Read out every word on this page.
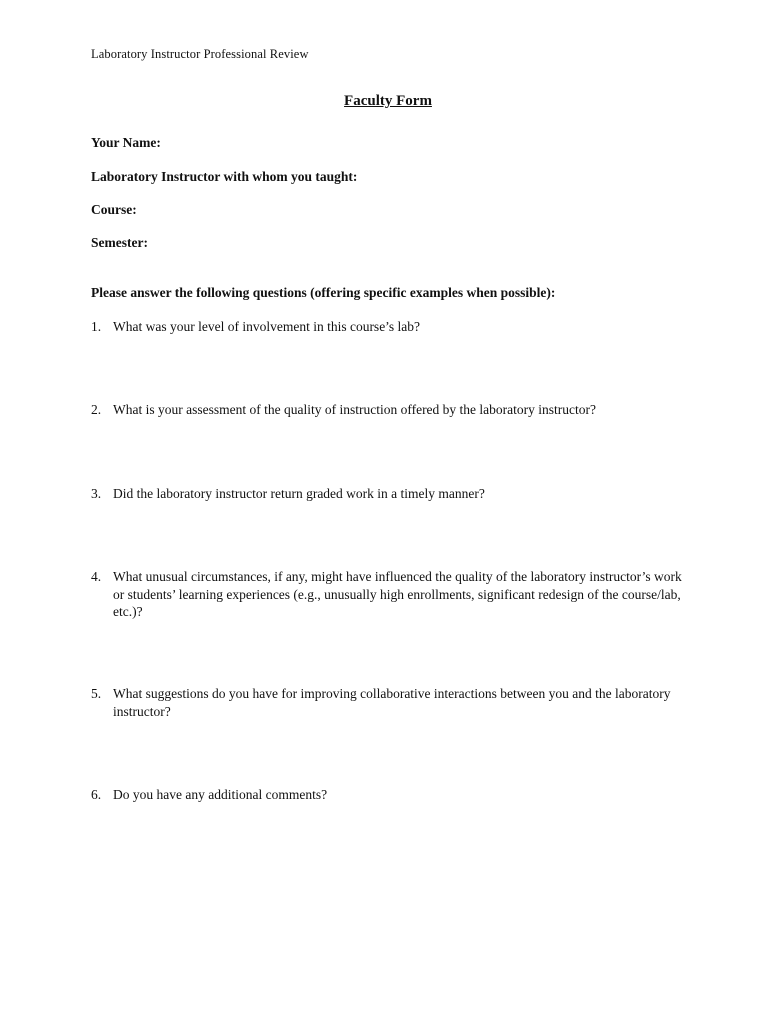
Laboratory Instructor Professional Review
Faculty Form
Your Name:
Laboratory Instructor with whom you taught:
Course:
Semester:
Please answer the following questions (offering specific examples when possible):
1. What was your level of involvement in this course’s lab?
2. What is your assessment of the quality of instruction offered by the laboratory instructor?
3. Did the laboratory instructor return graded work in a timely manner?
4. What unusual circumstances, if any, might have influenced the quality of the laboratory instructor’s work or students’ learning experiences (e.g., unusually high enrollments, significant redesign of the course/lab, etc.)?
5. What suggestions do you have for improving collaborative interactions between you and the laboratory instructor?
6. Do you have any additional comments?
